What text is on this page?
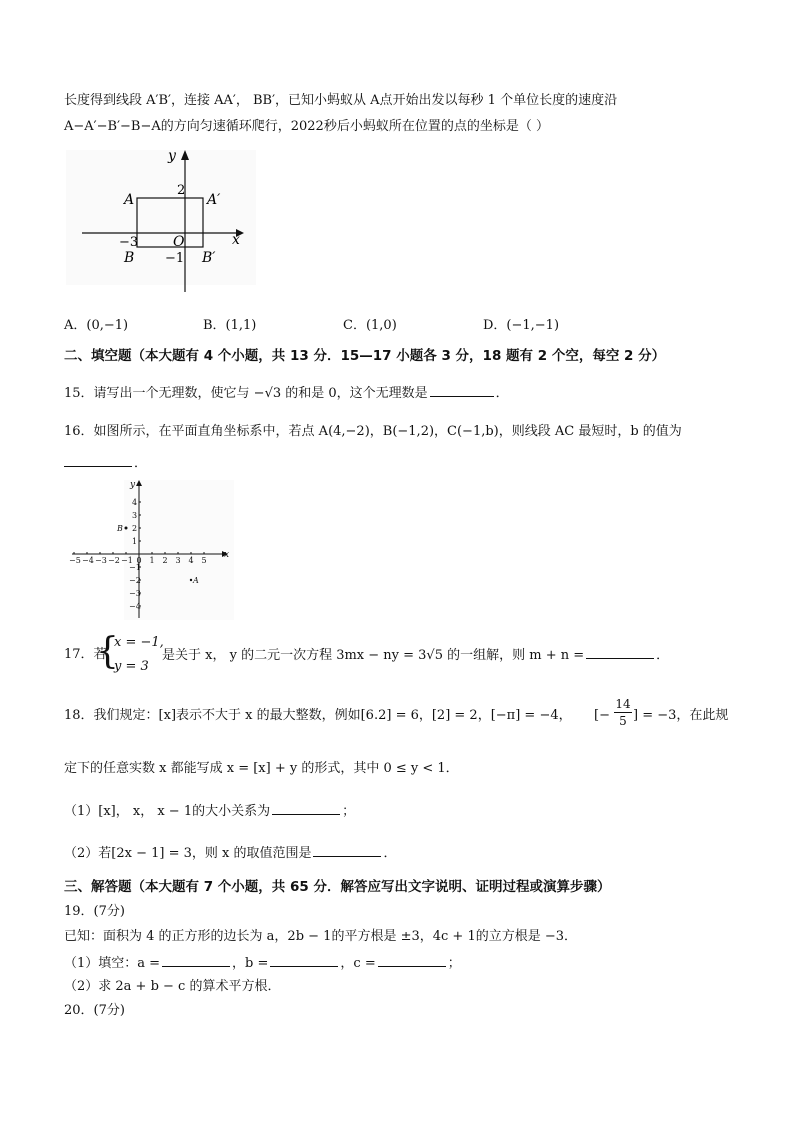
长度得到线段 A′B′，连接 AA′， BB′，已知小蚂蚁从 A点开始出发以每秒 1 个单位长度的速度沿
A−A′−B′−B−A的方向匀速循环爬行，2022秒后小蚂蚁所在位置的点的坐标是（ ）
y
x
2
A	A′
−3 O
B −1 B′
A．(0,−1)	B．(1,1)	C．(1,0)	D．(−1,−1)
二、填空题（本大题有 4 个小题，共 13 分．15—17 小题各 3 分，18 题有 2 个空，每空 2 分）
15．请写出一个无理数，使它与 −√3 的和是 0，这个无理数是	．
16．如图所示，在平面直角坐标系中，若点 A(4,−2)，B(−1,2)，C(−1,b)，则线段 AC 最短时，b 的值为
．
−5 −4 −3 −2 −1 0 1 2 3 4 5
4
3
2
1
−1
−2
−3
−4
x
y
B
A
17．若
{
x = −1,
y = 3
是关于 x， y 的二元一次方程 3mx − ny = 3√5 的一组解，则 m + n =	．
18．我们规定：[x]表示不大于 x 的最大整数，例如[6.2] = 6，[2] = 2，[−π] = −4， [− $\frac{14}{5}$ ] = −3，在此规
定下的任意实数 x 都能写成 x = [x] + y 的形式，其中 0 ≤ y < 1．
（1）[x]， x， x − 1的大小关系为	；
（2）若[2x − 1] = 3，则 x 的取值范围是	．
三、解答题（本大题有 7 个小题，共 65 分．解答应写出文字说明、证明过程或演算步骤）
19．(7分)
已知：面积为 4 的正方形的边长为 a，2b − 1的平方根是 ±3，4c + 1的立方根是 −3．
（1）填空：a =	，b =	，c =	；
（2）求 2a + b − c 的算术平方根．
20．(7分)
